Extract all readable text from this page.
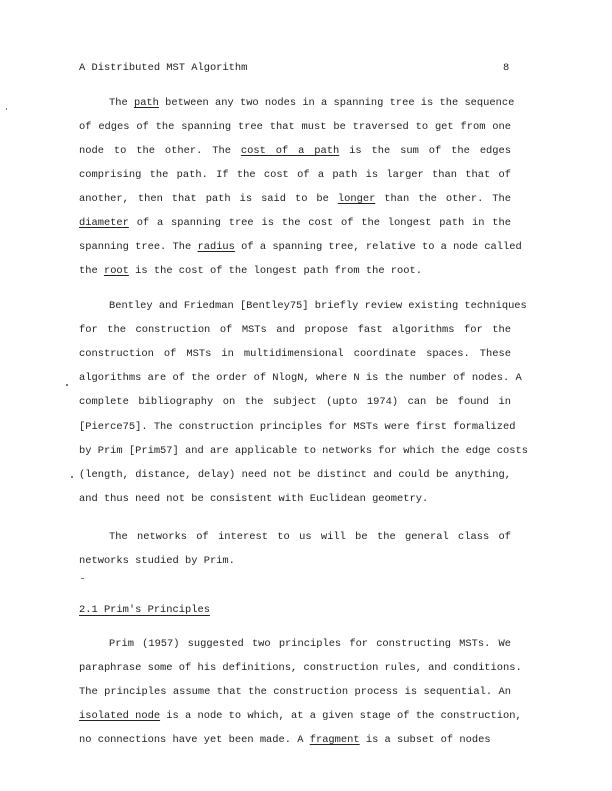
A Distributed MST Algorithm	8
The path between any two nodes in a spanning tree is the sequence
of edges of the spanning tree that must be traversed to get from one
node to the other. The cost of a path is the sum of the edges
comprising the path. If the cost of a path is larger than that of
another, then that path is said to be longer than the other. The
diameter of a spanning tree is the cost of the longest path in the
spanning tree. The radius of a spanning tree, relative to a node called
the root is the cost of the longest path from the root.
Bentley and Friedman [Bentley75] briefly review existing techniques
for the construction of MSTs and propose fast algorithms for the
construction of MSTs in multidimensional coordinate spaces. These
algorithms are of the order of NlogN, where N is the number of nodes. A
complete bibliography on the subject (upto 1974) can be found in
[Pierce75]. The construction principles for MSTs were first formalized
by Prim [Prim57] and are applicable to networks for which the edge costs
(length, distance, delay) need not be distinct and could be anything,
and thus need not be consistent with Euclidean geometry.
The networks of interest to us will be the general class of
networks studied by Prim.
Prim (1957) suggested two principles for constructing MSTs. We
paraphrase some of his definitions, construction rules, and conditions.
The principles assume that the construction process is sequential. An
isolated node is a node to which, at a given stage of the construction,
no connections have yet been made. A fragment is a subset of nodes
2.1 Prim's Principles
